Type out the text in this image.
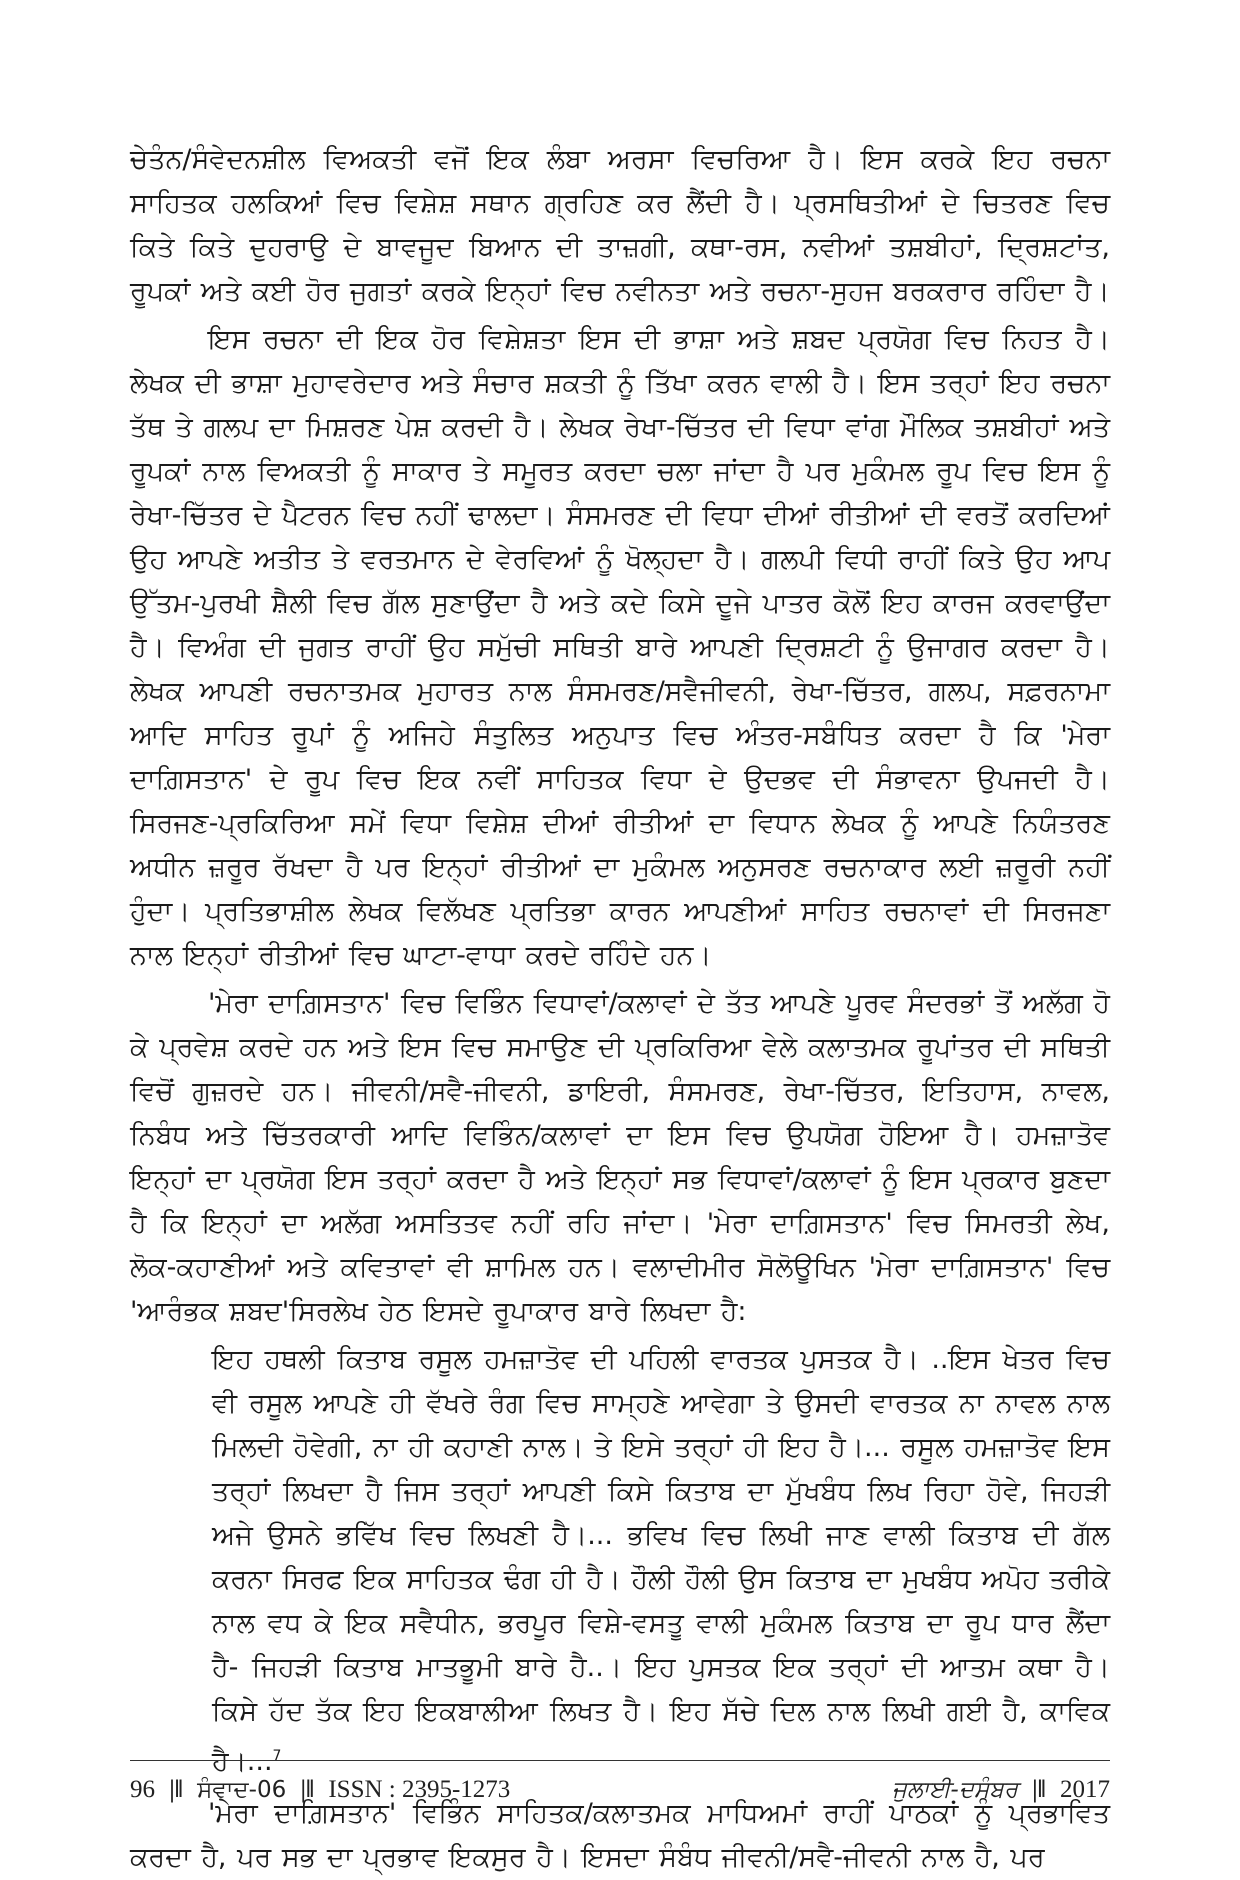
ਚੇਤੰਨ/ਸੰਵੇਦਨਸ਼ੀਲ ਵਿਅਕਤੀ ਵਜੋਂ ਇਕ ਲੰਬਾ ਅਰਸਾ ਵਿਚਰਿਆ ਹੈ। ਇਸ ਕਰਕੇ ਇਹ ਰਚਨਾ ਸਾਹਿਤਕ ਹਲਕਿਆਂ ਵਿਚ ਵਿਸ਼ੇਸ਼ ਸਥਾਨ ਗ੍ਰਹਿਣ ਕਰ ਲੈਂਦੀ ਹੈ। ਪ੍ਰਸਥਿਤੀਆਂ ਦੇ ਚਿਤਰਣ ਵਿਚ ਕਿਤੇ ਕਿਤੇ ਦੁਹਰਾਉ ਦੇ ਬਾਵਜੂਦ ਬਿਆਨ ਦੀ ਤਾਜ਼ਗੀ, ਕਥਾ-ਰਸ, ਨਵੀਆਂ ਤਸ਼ਬੀਹਾਂ, ਦ੍ਰਿਸ਼ਟਾਂਤ, ਰੂਪਕਾਂ ਅਤੇ ਕਈ ਹੋਰ ਜੁਗਤਾਂ ਕਰਕੇ ਇਨ੍ਹਾਂ ਵਿਚ ਨਵੀਨਤਾ ਅਤੇ ਰਚਨਾ-ਸੁਹਜ ਬਰਕਰਾਰ ਰਹਿੰਦਾ ਹੈ।

ਇਸ ਰਚਨਾ ਦੀ ਇਕ ਹੋਰ ਵਿਸ਼ੇਸ਼ਤਾ ਇਸ ਦੀ ਭਾਸ਼ਾ ਅਤੇ ਸ਼ਬਦ ਪ੍ਰਯੋਗ ਵਿਚ ਨਿਹਤ ਹੈ। ਲੇਖਕ ਦੀ ਭਾਸ਼ਾ ਮੁਹਾਵਰੇਦਾਰ ਅਤੇ ਸੰਚਾਰ ਸ਼ਕਤੀ ਨੂੰ ਤਿੱਖਾ ਕਰਨ ਵਾਲੀ ਹੈ। ਇਸ ਤਰ੍ਹਾਂ ਇਹ ਰਚਨਾ ਤੱਥ ਤੇ ਗਲਪ ਦਾ ਮਿਸ਼ਰਣ ਪੇਸ਼ ਕਰਦੀ ਹੈ। ਲੇਖਕ ਰੇਖਾ-ਚਿੱਤਰ ਦੀ ਵਿਧਾ ਵਾਂਗ ਮੌਲਿਕ ਤਸ਼ਬੀਹਾਂ ਅਤੇ ਰੂਪਕਾਂ ਨਾਲ ਵਿਅਕਤੀ ਨੂੰ ਸਾਕਾਰ ਤੇ ਸਮੂਰਤ ਕਰਦਾ ਚਲਾ ਜਾਂਦਾ ਹੈ ਪਰ ਮੁਕੰਮਲ ਰੂਪ ਵਿਚ ਇਸ ਨੂੰ ਰੇਖਾ-ਚਿੱਤਰ ਦੇ ਪੈਟਰਨ ਵਿਚ ਨਹੀਂ ਢਾਲਦਾ। ਸੰਸਮਰਣ ਦੀ ਵਿਧਾ ਦੀਆਂ ਰੀਤੀਆਂ ਦੀ ਵਰਤੋਂ ਕਰਦਿਆਂ ਉਹ ਆਪਣੇ ਅਤੀਤ ਤੇ ਵਰਤਮਾਨ ਦੇ ਵੇਰਵਿਆਂ ਨੂੰ ਖੋਲ੍ਹਦਾ ਹੈ। ਗਲਪੀ ਵਿਧੀ ਰਾਹੀਂ ਕਿਤੇ ਉਹ ਆਪ ਉੱਤਮ-ਪੁਰਖੀ ਸ਼ੈਲੀ ਵਿਚ ਗੱਲ ਸੁਣਾਉਂਦਾ ਹੈ ਅਤੇ ਕਦੇ ਕਿਸੇ ਦੂਜੇ ਪਾਤਰ ਕੋਲੋਂ ਇਹ ਕਾਰਜ ਕਰਵਾਉਂਦਾ ਹੈ। ਵਿਅੰਗ ਦੀ ਜੁਗਤ ਰਾਹੀਂ ਉਹ ਸਮੁੱਚੀ ਸਥਿਤੀ ਬਾਰੇ ਆਪਣੀ ਦ੍ਰਿਸ਼ਟੀ ਨੂੰ ਉਜਾਗਰ ਕਰਦਾ ਹੈ। ਲੇਖਕ ਆਪਣੀ ਰਚਨਾਤਮਕ ਮੁਹਾਰਤ ਨਾਲ ਸੰਸਮਰਣ/ਸਵੈਜੀਵਨੀ, ਰੇਖਾ-ਚਿੱਤਰ, ਗਲਪ, ਸਫ਼ਰਨਾਮਾ ਆਦਿ ਸਾਹਿਤ ਰੂਪਾਂ ਨੂੰ ਅਜਿਹੇ ਸੰਤੁਲਿਤ ਅਨੁਪਾਤ ਵਿਚ ਅੰਤਰ-ਸਬੰਧਿਤ ਕਰਦਾ ਹੈ ਕਿ 'ਮੇਰਾ ਦਾਗ਼ਿਸਤਾਨ' ਦੇ ਰੂਪ ਵਿਚ ਇਕ ਨਵੀਂ ਸਾਹਿਤਕ ਵਿਧਾ ਦੇ ਉਦਭਵ ਦੀ ਸੰਭਾਵਨਾ ਉਪਜਦੀ ਹੈ। ਸਿਰਜਣ-ਪ੍ਰਕਿਰਿਆ ਸਮੇਂ ਵਿਧਾ ਵਿਸ਼ੇਸ਼ ਦੀਆਂ ਰੀਤੀਆਂ ਦਾ ਵਿਧਾਨ ਲੇਖਕ ਨੂੰ ਆਪਣੇ ਨਿਯੰਤਰਣ ਅਧੀਨ ਜ਼ਰੂਰ ਰੱਖਦਾ ਹੈ ਪਰ ਇਨ੍ਹਾਂ ਰੀਤੀਆਂ ਦਾ ਮੁਕੰਮਲ ਅਨੁਸਰਣ ਰਚਨਾਕਾਰ ਲਈ ਜ਼ਰੂਰੀ ਨਹੀਂ ਹੁੰਦਾ। ਪ੍ਰਤਿਭਾਸ਼ੀਲ ਲੇਖਕ ਵਿਲੱਖਣ ਪ੍ਰਤਿਭਾ ਕਾਰਨ ਆਪਣੀਆਂ ਸਾਹਿਤ ਰਚਨਾਵਾਂ ਦੀ ਸਿਰਜਣਾ ਨਾਲ ਇਨ੍ਹਾਂ ਰੀਤੀਆਂ ਵਿਚ ਘਾਟਾ-ਵਾਧਾ ਕਰਦੇ ਰਹਿੰਦੇ ਹਨ।

'ਮੇਰਾ ਦਾਗ਼ਿਸਤਾਨ' ਵਿਚ ਵਿਭਿੰਨ ਵਿਧਾਵਾਂ/ਕਲਾਵਾਂ ਦੇ ਤੱਤ ਆਪਣੇ ਪੂਰਵ ਸੰਦਰਭਾਂ ਤੋਂ ਅਲੱਗ ਹੋ ਕੇ ਪ੍ਰਵੇਸ਼ ਕਰਦੇ ਹਨ ਅਤੇ ਇਸ ਵਿਚ ਸਮਾਉਣ ਦੀ ਪ੍ਰਕਿਰਿਆ ਵੇਲੇ ਕਲਾਤਮਕ ਰੂਪਾਂਤਰ ਦੀ ਸਥਿਤੀ ਵਿਚੋਂ ਗੁਜ਼ਰਦੇ ਹਨ। ਜੀਵਨੀ/ਸਵੈ-ਜੀਵਨੀ, ਡਾਇਰੀ, ਸੰਸਮਰਣ, ਰੇਖਾ-ਚਿੱਤਰ, ਇਤਿਹਾਸ, ਨਾਵਲ, ਨਿਬੰਧ ਅਤੇ ਚਿੱਤਰਕਾਰੀ ਆਦਿ ਵਿਭਿੰਨ/ਕਲਾਵਾਂ ਦਾ ਇਸ ਵਿਚ ਉਪਯੋਗ ਹੋਇਆ ਹੈ। ਹਮਜ਼ਾਤੋਵ ਇਨ੍ਹਾਂ ਦਾ ਪ੍ਰਯੋਗ ਇਸ ਤਰ੍ਹਾਂ ਕਰਦਾ ਹੈ ਅਤੇ ਇਨ੍ਹਾਂ ਸਭ ਵਿਧਾਵਾਂ/ਕਲਾਵਾਂ ਨੂੰ ਇਸ ਪ੍ਰਕਾਰ ਬੁਣਦਾ ਹੈ ਕਿ ਇਨ੍ਹਾਂ ਦਾ ਅਲੱਗ ਅਸਤਿਤਵ ਨਹੀਂ ਰਹਿ ਜਾਂਦਾ। 'ਮੇਰਾ ਦਾਗ਼ਿਸਤਾਨ' ਵਿਚ ਸਿਮਰਤੀ ਲੇਖ, ਲੋਕ-ਕਹਾਣੀਆਂ ਅਤੇ ਕਵਿਤਾਵਾਂ ਵੀ ਸ਼ਾਮਿਲ ਹਨ। ਵਲਾਦੀਮੀਰ ਸੋਲੋਊਖਿਨ 'ਮੇਰਾ ਦਾਗ਼ਿਸਤਾਨ' ਵਿਚ 'ਆਰੰਭਕ ਸ਼ਬਦ'ਸਿਰਲੇਖ ਹੇਠ ਇਸਦੇ ਰੂਪਾਕਾਰ ਬਾਰੇ ਲਿਖਦਾ ਹੈ:

ਇਹ ਹਥਲੀ ਕਿਤਾਬ ਰਸੂਲ ਹਮਜ਼ਾਤੋਵ ਦੀ ਪਹਿਲੀ ਵਾਰਤਕ ਪੁਸਤਕ ਹੈ। ..ਇਸ ਖੇਤਰ ਵਿਚ ਵੀ ਰਸੂਲ ਆਪਣੇ ਹੀ ਵੱਖਰੇ ਰੰਗ ਵਿਚ ਸਾਮ੍ਹਣੇ ਆਵੇਗਾ ਤੇ ਉਸਦੀ ਵਾਰਤਕ ਨਾ ਨਾਵਲ ਨਾਲ ਮਿਲਦੀ ਹੋਵੇਗੀ, ਨਾ ਹੀ ਕਹਾਣੀ ਨਾਲ। ਤੇ ਇਸੇ ਤਰ੍ਹਾਂ ਹੀ ਇਹ ਹੈ।... ਰਸੂਲ ਹਮਜ਼ਾਤੋਵ ਇਸ ਤਰ੍ਹਾਂ ਲਿਖਦਾ ਹੈ ਜਿਸ ਤਰ੍ਹਾਂ ਆਪਣੀ ਕਿਸੇ ਕਿਤਾਬ ਦਾ ਮੁੱਖਬੰਧ ਲਿਖ ਰਿਹਾ ਹੋਵੇ, ਜਿਹੜੀ ਅਜੇ ਉਸਨੇ ਭਵਿੱਖ ਵਿਚ ਲਿਖਣੀ ਹੈ।... ਭਵਿਖ ਵਿਚ ਲਿਖੀ ਜਾਣ ਵਾਲੀ ਕਿਤਾਬ ਦੀ ਗੱਲ ਕਰਨਾ ਸਿਰਫ ਇਕ ਸਾਹਿਤਕ ਢੰਗ ਹੀ ਹੈ। ਹੌਲੀ ਹੌਲੀ ਉਸ ਕਿਤਾਬ ਦਾ ਮੁਖਬੰਧ ਅਪੋਹ ਤਰੀਕੇ ਨਾਲ ਵਧ ਕੇ ਇਕ ਸਵੈਧੀਨ, ਭਰਪੂਰ ਵਿਸ਼ੇ-ਵਸਤੂ ਵਾਲੀ ਮੁਕੰਮਲ ਕਿਤਾਬ ਦਾ ਰੂਪ ਧਾਰ ਲੈਂਦਾ ਹੈ- ਜਿਹੜੀ ਕਿਤਾਬ ਮਾਤਭੂਮੀ ਬਾਰੇ ਹੈ..। ਇਹ ਪੁਸਤਕ ਇਕ ਤਰ੍ਹਾਂ ਦੀ ਆਤਮ ਕਥਾ ਹੈ। ਕਿਸੇ ਹੱਦ ਤੱਕ ਇਹ ਇਕਬਾਲੀਆ ਲਿਖਤ ਹੈ। ਇਹ ਸੱਚੇ ਦਿਲ ਨਾਲ ਲਿਖੀ ਗਈ ਹੈ, ਕਾਵਿਕ ਹੈ।...$^7$

'ਮੇਰਾ ਦਾਗ਼ਿਸਤਾਨ' ਵਿਭਿੰਨ ਸਾਹਿਤਕ/ਕਲਾਤਮਕ ਮਾਧਿਅਮਾਂ ਰਾਹੀਂ ਪਾਠਕਾਂ ਨੂੰ ਪ੍ਰਭਾਵਿਤ ਕਰਦਾ ਹੈ, ਪਰ ਸਭ ਦਾ ਪ੍ਰਭਾਵ ਇਕਸੁਰ ਹੈ। ਇਸਦਾ ਸੰਬੰਧ ਜੀਵਨੀ/ਸਵੈ-ਜੀਵਨੀ ਨਾਲ ਹੈ, ਪਰ

96 |‖ ਸੰਵਾਦ-06 |‖ ISSN : 2395-1273	ਜੁਲਾਈ-ਦਸੰਬਰ |‖ 2017
